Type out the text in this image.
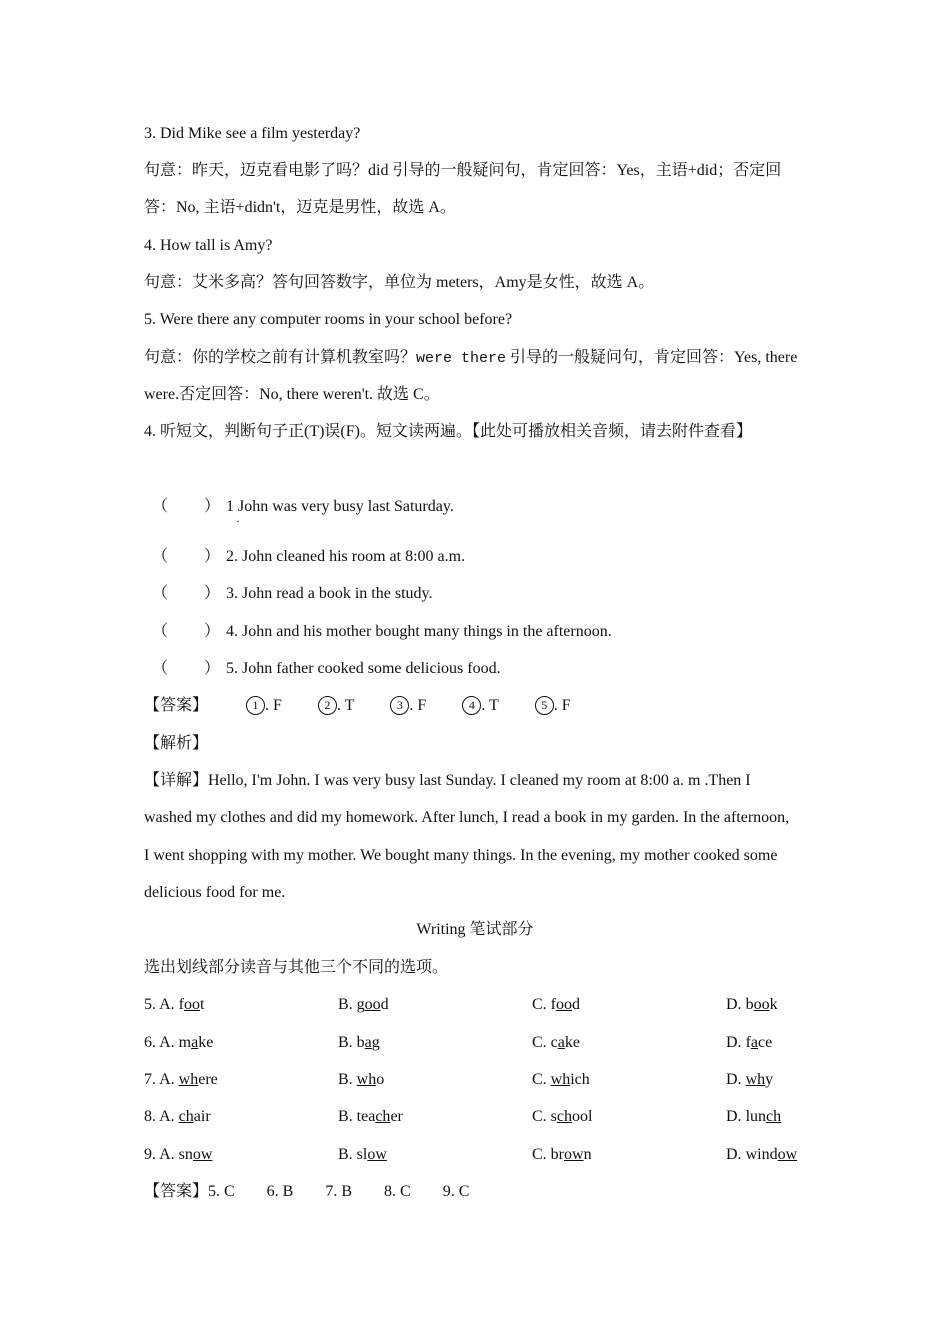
3. Did Mike see a film yesterday?
句意：昨天，迈克看电影了吗？did 引导的一般疑问句，肯定回答：Yes，主语+did；否定回
答：No, 主语+didn't，迈克是男性，故选 A。
4. How tall is Amy?
句意：艾米多高？答句回答数字，单位为 meters，Amy是女性，故选 A。
5. Were there any computer rooms in your school before?
句意：你的学校之前有计算机教室吗？were there 引导的一般疑问句，肯定回答：Yes, there
were.否定回答：No, there weren't. 故选 C。
4. 听短文，判断句子正(T)误(F)。短文读两遍。【此处可播放相关音频，请去附件查看】
（ ） 1 John was very busy last Saturday.
·
（ ） 2. John cleaned his room at 8:00 a.m.
（ ） 3. John read a book in the study.
（ ） 4. John and his mother bought many things in the afternoon.
（ ） 5. John father cooked some delicious food.
【答案】	1 . F	2 . T	3 . F	4 . T	5 . F
【解析】
【详解】Hello, I'm John. I was very busy last Sunday. I cleaned my room at 8:00 a. m .Then I
washed my clothes and did my homework. After lunch, I read a book in my garden. In the afternoon,
I went shopping with my mother. We bought many things. In the evening, my mother cooked some
delicious food for me.
Writing 笔试部分
选出划线部分读音与其他三个不同的选项。
5. A. foot	B. good	C. food	D. book
6. A. make	B. bag	C. cake	D. face
7. A. where	B. who	C. which	D. why
8. A. chair	B. teacher	C. school	D. lunch
9. A. snow	B. slow	C. brown	D. window
【答案】5. C        6. B        7. B        8. C        9. C
